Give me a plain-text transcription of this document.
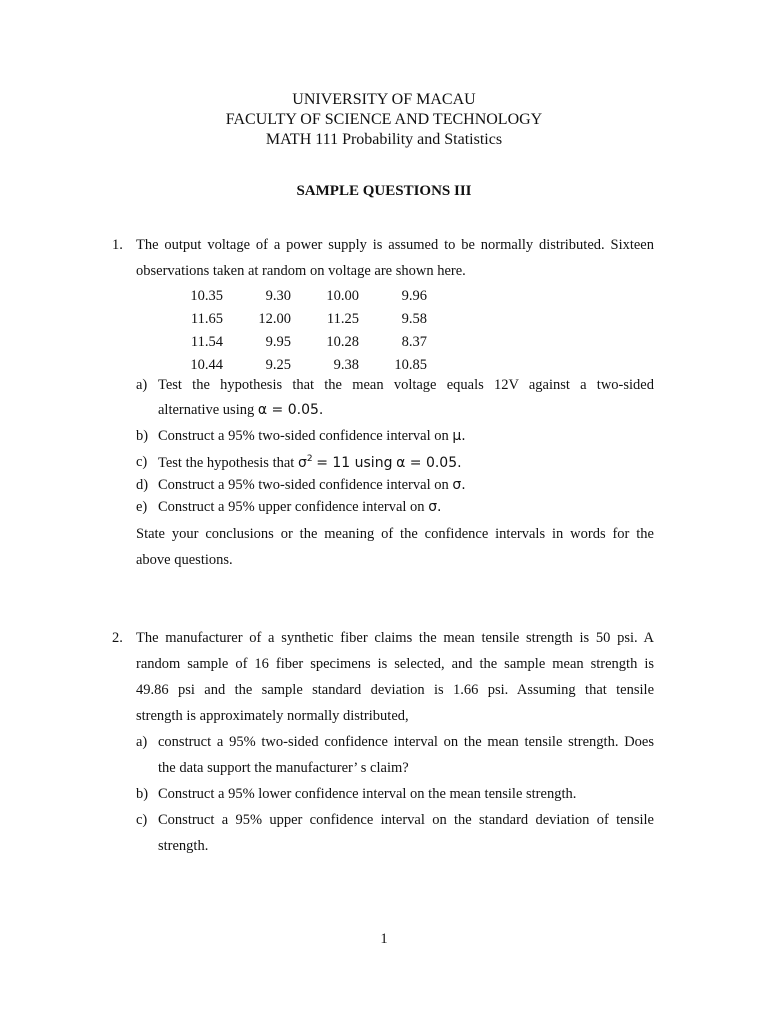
UNIVERSITY OF MACAU
FACULTY OF SCIENCE AND TECHNOLOGY
MATH 111 Probability and Statistics
SAMPLE QUESTIONS III
1. The output voltage of a power supply is assumed to be normally distributed. Sixteen
observations taken at random on voltage are shown here.
10.35	9.30	10.00	9.96
11.65	12.00	11.25	9.58
11.54	9.95	10.28	8.37
10.44	9.25	9.38	10.85
a) Test the hypothesis that the mean voltage equals 12V against a two-sided
alternative using α = 0.05.
b) Construct a 95% two-sided confidence interval on μ.
c) Test the hypothesis that $\sigma^2 = 11$ using α = 0.05.
d) Construct a 95% two-sided confidence interval on σ.
e) Construct a 95% upper confidence interval on σ.
State your conclusions or the meaning of the confidence intervals in words for the
above questions.
2. The manufacturer of a synthetic fiber claims the mean tensile strength is 50 psi. A
random sample of 16 fiber specimens is selected, and the sample mean strength is
49.86 psi and the sample standard deviation is 1.66 psi. Assuming that tensile
strength is approximately normally distributed,
a) construct a 95% two-sided confidence interval on the mean tensile strength. Does
the data support the manufacturer’ s claim?
b) Construct a 95% lower confidence interval on the mean tensile strength.
c) Construct a 95% upper confidence interval on the standard deviation of tensile
strength.
1
